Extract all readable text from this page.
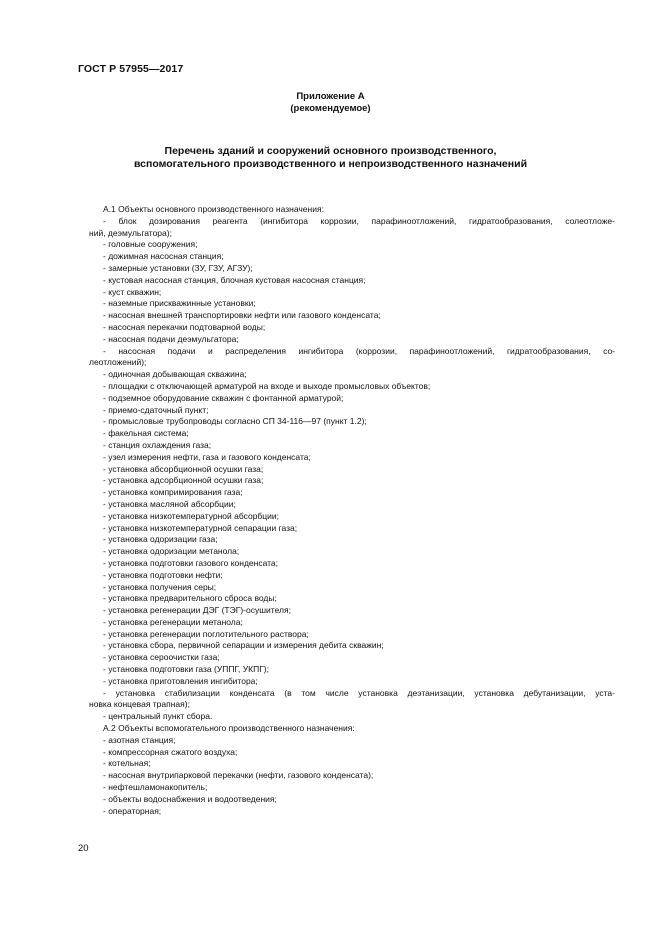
ГОСТ Р 57955—2017
Приложение А
(рекомендуемое)
Перечень зданий и сооружений основного производственного,
вспомогательного производственного и непроизводственного назначений
А.1 Объекты основного производственного назначения:
- блок дозирования реагента (ингибитора коррозии, парафиноотложений, гидратообразования, солеотложе-
ний, деэмульгатора);
- головные сооружения;
- дожимная насосная станция;
- замерные установки (ЗУ, ГЗУ, АГЗУ);
- кустовая насосная станция, блочная кустовая насосная станция;
- куст скважин;
- наземные прискважинные установки;
- насосная внешней транспортировки нефти или газового конденсата;
- насосная перекачки подтоварной воды;
- насосная подачи деэмульгатора;
- насосная подачи и распределения ингибитора (коррозии, парафиноотложений, гидратообразования, со-
леотложений);
- одиночная добывающая скважина;
- площадки с отключающей арматурой на входе и выходе промысловых объектов;
- подземное оборудование скважин с фонтанной арматурой;
- приемо-сдаточный пункт;
- промысловые трубопроводы согласно СП 34-116—97 (пункт 1.2);
- факельная система;
- станция охлаждения газа;
- узел измерения нефти, газа и газового конденсата;
- установка абсорбционной осушки газа;
- установка адсорбционной осушки газа;
- установка компримирования газа;
- установка масляной абсорбции;
- установка низкотемпературной абсорбции;
- установка низкотемпературной сепарации газа;
- установка одоризации газа;
- установка одоризации метанола;
- установка подготовки газового конденсата;
- установка подготовки нефти;
- установка получения серы;
- установка предварительного сброса воды;
- установка регенерации ДЭГ (ТЭГ)-осушителя;
- установка регенерации метанола;
- установка регенерации поглотительного раствора;
- установка сбора, первичной сепарации и измерения дебита скважин;
- установка сероочистки газа;
- установка подготовки газа (УППГ, УКПГ);
- установка приготовления ингибитора;
- установка стабилизации конденсата (в том числе установка деэтанизации, установка дебутанизации, уста-
новка концевая трапная);
- центральный пункт сбора.
А.2 Объекты вспомогательного производственного назначения:
- азотная станция;
- компрессорная сжатого воздуха;
- котельная;
- насосная внутрипарковой перекачки (нефти, газового конденсата);
- нефтешламонакопитель;
- объекты водоснабжения и водоотведения;
- операторная;
20
